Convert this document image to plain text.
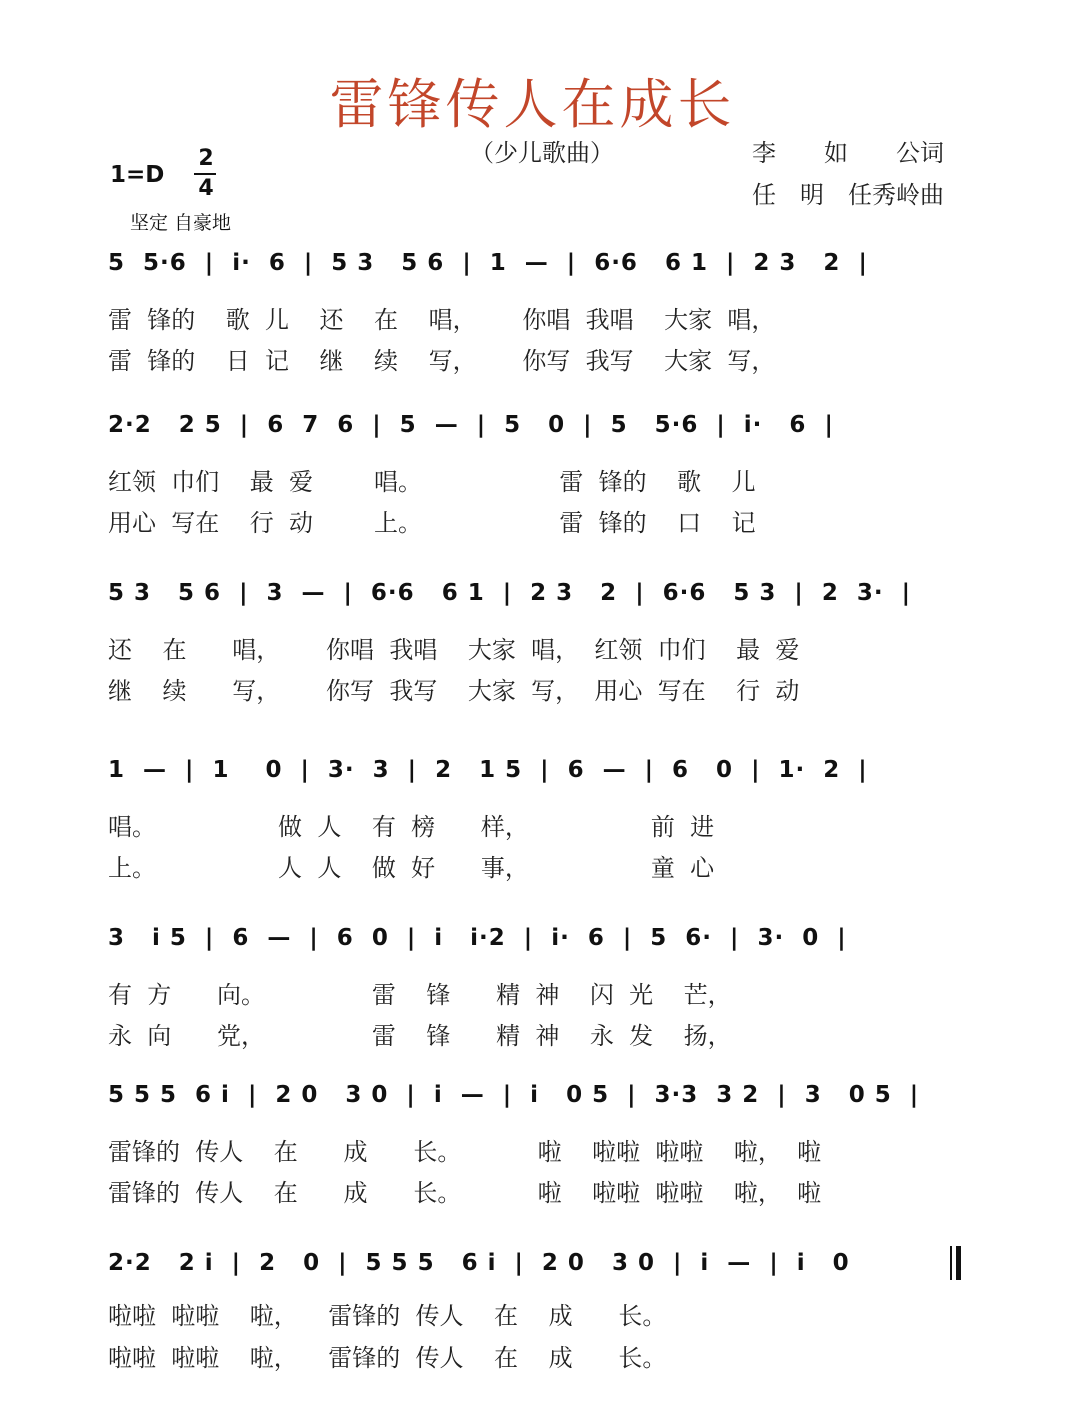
雷锋传人在成长
（少儿歌曲）	李　　如　　公词
任　明　任秀岭曲
1=D
2
4
坚定 自豪地
5  5·6  |  i·  6  |  5 3   5 6  |  1  —  |  6·6   6 1  |  2 3   2  |
雷  锋的    歌  儿    还    在    唱，      你唱  我唱    大家  唱，
雷  锋的    日  记    继    续    写，      你写  我写    大家  写，
2·2   2 5  |  6  7  6  |  5  —  |  5   0  |  5   5·6  |  i·   6  |
红领  巾们    最  爱        唱。                  雷  锋的    歌    儿
用心  写在    行  动        上。                  雷  锋的    口    记
5 3   5 6  |  3  —  |  6·6   6 1  |  2 3   2  |  6·6   5 3  |  2  3·  |
还    在      唱，      你唱  我唱    大家  唱，  红领  巾们    最  爱
继    续      写，      你写  我写    大家  写，  用心  写在    行  动
1  —  |  1    0  |  3·  3  |  2   1 5  |  6  —  |  6   0  |  1·  2  |
唱。                做  人    有  榜      样，                前  进
上。                人  人    做  好      事，                童  心
3   i 5  |  6  —  |  6  0  |  i   i·2  |  i·  6  |  5  6·  |  3·  0  |
有  方      向。              雷    锋      精  神    闪  光    芒，
永  向      党，              雷    锋      精  神    永  发    扬，
5 5 5  6 i  |  2 0   3 0  |  i  —  |  i   0 5  |  3·3  3 2  |  3   0 5  |
雷锋的  传人    在      成      长。          啦    啦啦  啦啦    啦，  啦
雷锋的  传人    在      成      长。          啦    啦啦  啦啦    啦，  啦
2·2   2 i  |  2   0  |  5 5 5   6 i  |  2 0   3 0  |  i  —  |  i   0
啦啦  啦啦    啦，    雷锋的  传人    在    成      长。
啦啦  啦啦    啦，    雷锋的  传人    在    成      长。
